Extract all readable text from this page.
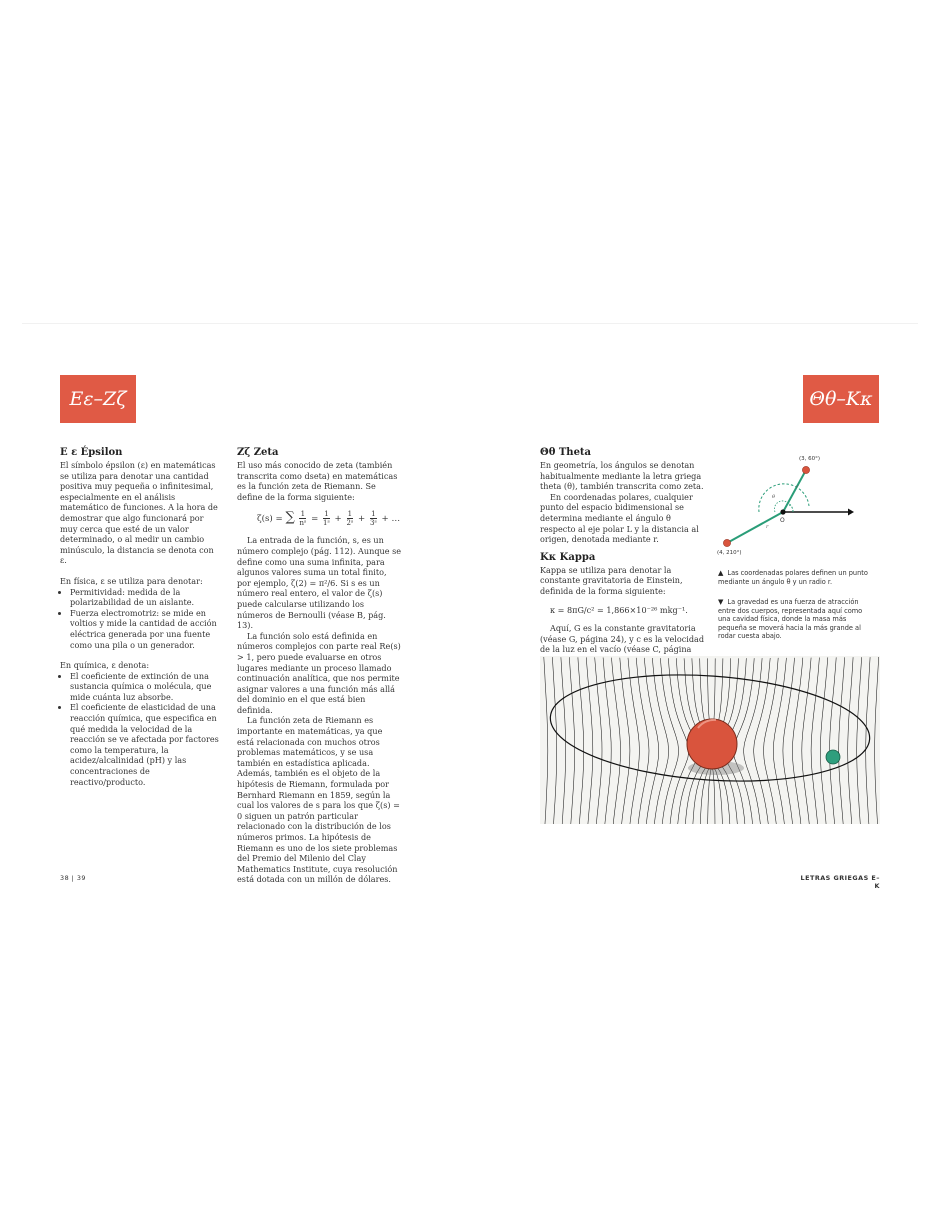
Εε–Ζζ	Θθ–Κκ
Ε ε Épsilon

El símbolo épsilon (ε) en matemáticas se utiliza para denotar una cantidad positiva muy pequeña o infinitesimal, especialmente en el análisis matemático de funciones. A la hora de demostrar que algo funcionará por muy cerca que esté de un valor determinado, o al medir un cambio minúsculo, la distancia se denota con ε.

En física, ε se utiliza para denotar:

• Permitividad: medida de la polarizabilidad de un aislante.
• Fuerza electromotriz: se mide en voltios y mide la cantidad de acción eléctrica generada por una fuente como una pila o un generador.

En química, ε denota:

• El coeficiente de extinción de una sustancia química o molécula, que mide cuánta luz absorbe.
• El coeficiente de elasticidad de una reacción química, que especifica en qué medida la velocidad de la reacción se ve afectada por factores como la temperatura, la acidez/alcalinidad (pH) y las concentraciones de reactivo/producto.
Ζζ Zeta

El uso más conocido de zeta (también transcrita como dseta) en matemáticas es la función zeta de Riemann. Se define de la forma siguiente:

ζ(s) = ∑ $\frac{1}{\text{nˢ}} = \frac{1}{\text{1ˢ}} + \frac{1}{\text{2ˢ}} + \frac{1}{\text{3ˢ}}$ + …

La entrada de la función, s, es un número complejo (pág. 112). Aunque se define como una suma infinita, para algunos valores suma un total finito, por ejemplo, ζ(2) = π²/6. Si s es un número real entero, el valor de ζ(s) puede calcularse utilizando los números de Bernoulli (véase B, pág. 13).

La función solo está definida en números complejos con parte real Re(s) > 1, pero puede evaluarse en otros lugares mediante un proceso llamado continuación analítica, que nos permite asignar valores a una función más allá del dominio en el que está bien definida.

La función zeta de Riemann es importante en matemáticas, ya que está relacionada con muchos otros problemas matemáticos, y se usa también en estadística aplicada. Además, también es el objeto de la hipótesis de Riemann, formulada por Bernhard Riemann en 1859, según la cual los valores de s para los que ζ(s) = 0 siguen un patrón particular relacionado con la distribución de los números primos. La hipótesis de Riemann es uno de los siete problemas del Premio del Milenio del Clay Mathematics Institute, cuya resolución está dotada con un millón de dólares.

Θθ Theta

En geometría, los ángulos se denotan habitualmente mediante la letra griega theta (θ), también transcrita como zeta.

En coordenadas polares, cualquier punto del espacio bidimensional se determina mediante el ángulo θ respecto al eje polar L y la distancia al origen, denotada mediante r.

Κκ Kappa

Kappa se utiliza para denotar la constante gravitatoria de Einstein, definida de la forma siguiente:

κ = 8πG/c² = 1,866×10⁻²⁶ mkg⁻¹.

Aquí, G es la constante gravitatoria (véase G, página 24), y c es la velocidad de la luz en el vacío (véase C, página

(3, 60°)
(4, 210°)
O
r
r
θ
▲ Las coordenadas polares definen un punto mediante un ángulo θ y un radio r.
▼ La gravedad es una fuerza de atracción entre dos cuerpos, representada aquí como una cavidad física, donde la masa más pequeña se moverá hacia la más grande al rodar cuesta abajo.
38 | 39	LETRAS GRIEGAS E–K
